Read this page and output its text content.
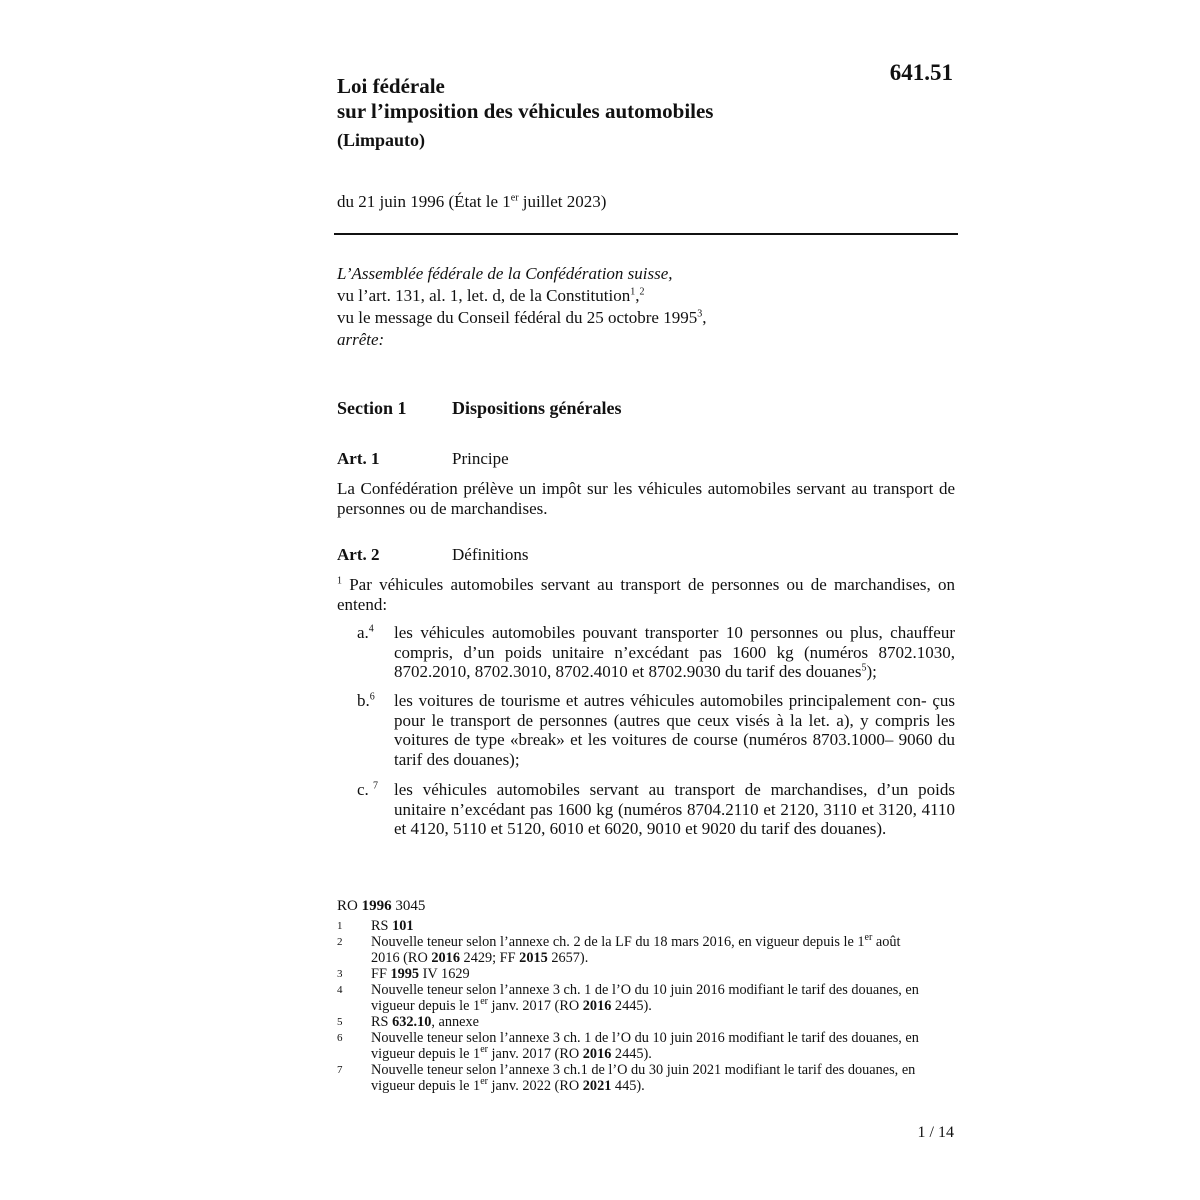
641.51
Loi fédérale
sur l’imposition des véhicules automobiles
(Limpauto)
du 21 juin 1996 (État le 1er juillet 2023)
L’Assemblée fédérale de la Confédération suisse,
vu l’art. 131, al. 1, let. d, de la Constitution$^1$,$^2$
vu le message du Conseil fédéral du 25 octobre 1995$^3$,
arrête:
Section 1	Dispositions générales
Art. 1	Principe
La Confédération prélève un impôt sur les véhicules automobiles servant au transport de personnes ou de marchandises.
Art. 2	Définitions
$^1$ Par véhicules automobiles servant au transport de personnes ou de marchandises, on entend:
a.$^4$ les véhicules automobiles pouvant transporter 10 personnes ou plus, chauffeur compris, d’un poids unitaire n’excédant pas 1600 kg (numéros 8702.1030, 8702.2010, 8702.3010, 8702.4010 et 8702.9030 du tarif des douanes$^5$);
b.$^6$ les voitures de tourisme et autres véhicules automobiles principalement con- çus pour le transport de personnes (autres que ceux visés à la let. a), y compris les voitures de type «break» et les voitures de course (numéros 8703.1000– 9060 du tarif des douanes);
c. $^7$ les véhicules automobiles servant au transport de marchandises, d’un poids unitaire n’excédant pas 1600 kg (numéros 8704.2110 et 2120, 3110 et 3120, 4110 et 4120, 5110 et 5120, 6010 et 6020, 9010 et 9020 du tarif des douanes).
RO 1996 3045
1 RS 101
2 Nouvelle teneur selon l’annexe ch. 2 de la LF du 18 mars 2016, en vigueur depuis le 1er août 2016 (RO 2016 2429; FF 2015 2657).
3 FF 1995 IV 1629
4 Nouvelle teneur selon l’annexe 3 ch. 1 de l’O du 10 juin 2016 modifiant le tarif des douanes, en vigueur depuis le 1er janv. 2017 (RO 2016 2445).
5 RS 632.10, annexe
6 Nouvelle teneur selon l’annexe 3 ch. 1 de l’O du 10 juin 2016 modifiant le tarif des douanes, en vigueur depuis le 1er janv. 2017 (RO 2016 2445).
7 Nouvelle teneur selon l’annexe 3 ch.1 de l’O du 30 juin 2021 modifiant le tarif des douanes, en vigueur depuis le 1er janv. 2022 (RO 2021 445).
1 / 14
